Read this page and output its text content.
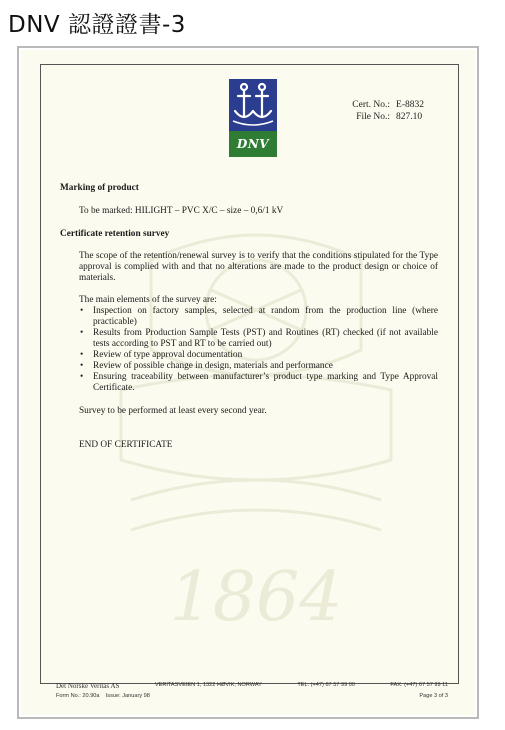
DNV 認證證書-3
1864
DNV
Cert. No.: E-8832
File No.: 827.10

Marking of product

To be marked: HILIGHT – PVC X/C – size – 0,6/1 kV

Certificate retention survey

The scope of the retention/renewal survey is to verify that the conditions stipulated for the Type approval is complied with and that no alterations are made to the product design or choice of materials.

The main elements of the survey are:

• Inspection on factory samples, selected at random from the production line (where practicable)
• Results from Production Sample Tests (PST) and Routines (RT) checked (if not available tests according to PST and RT to be carried out)
• Review of type approval documentation
• Review of possible change in design, materials and performance
• Ensuring traceability between manufacturer’s product type marking and Type Approval Certificate.

Survey to be performed at least every second year.

END OF CERTIFICATE

Det Norske Veritas AS	VERITASVEIEN 1, 1322 HØVIK, NORWAY	TEL: (+47) 67 57 99 00	FAX: (+47) 67 57 99 11
Form No.: 20.90a Issue: January 98	Page 3 of 3
